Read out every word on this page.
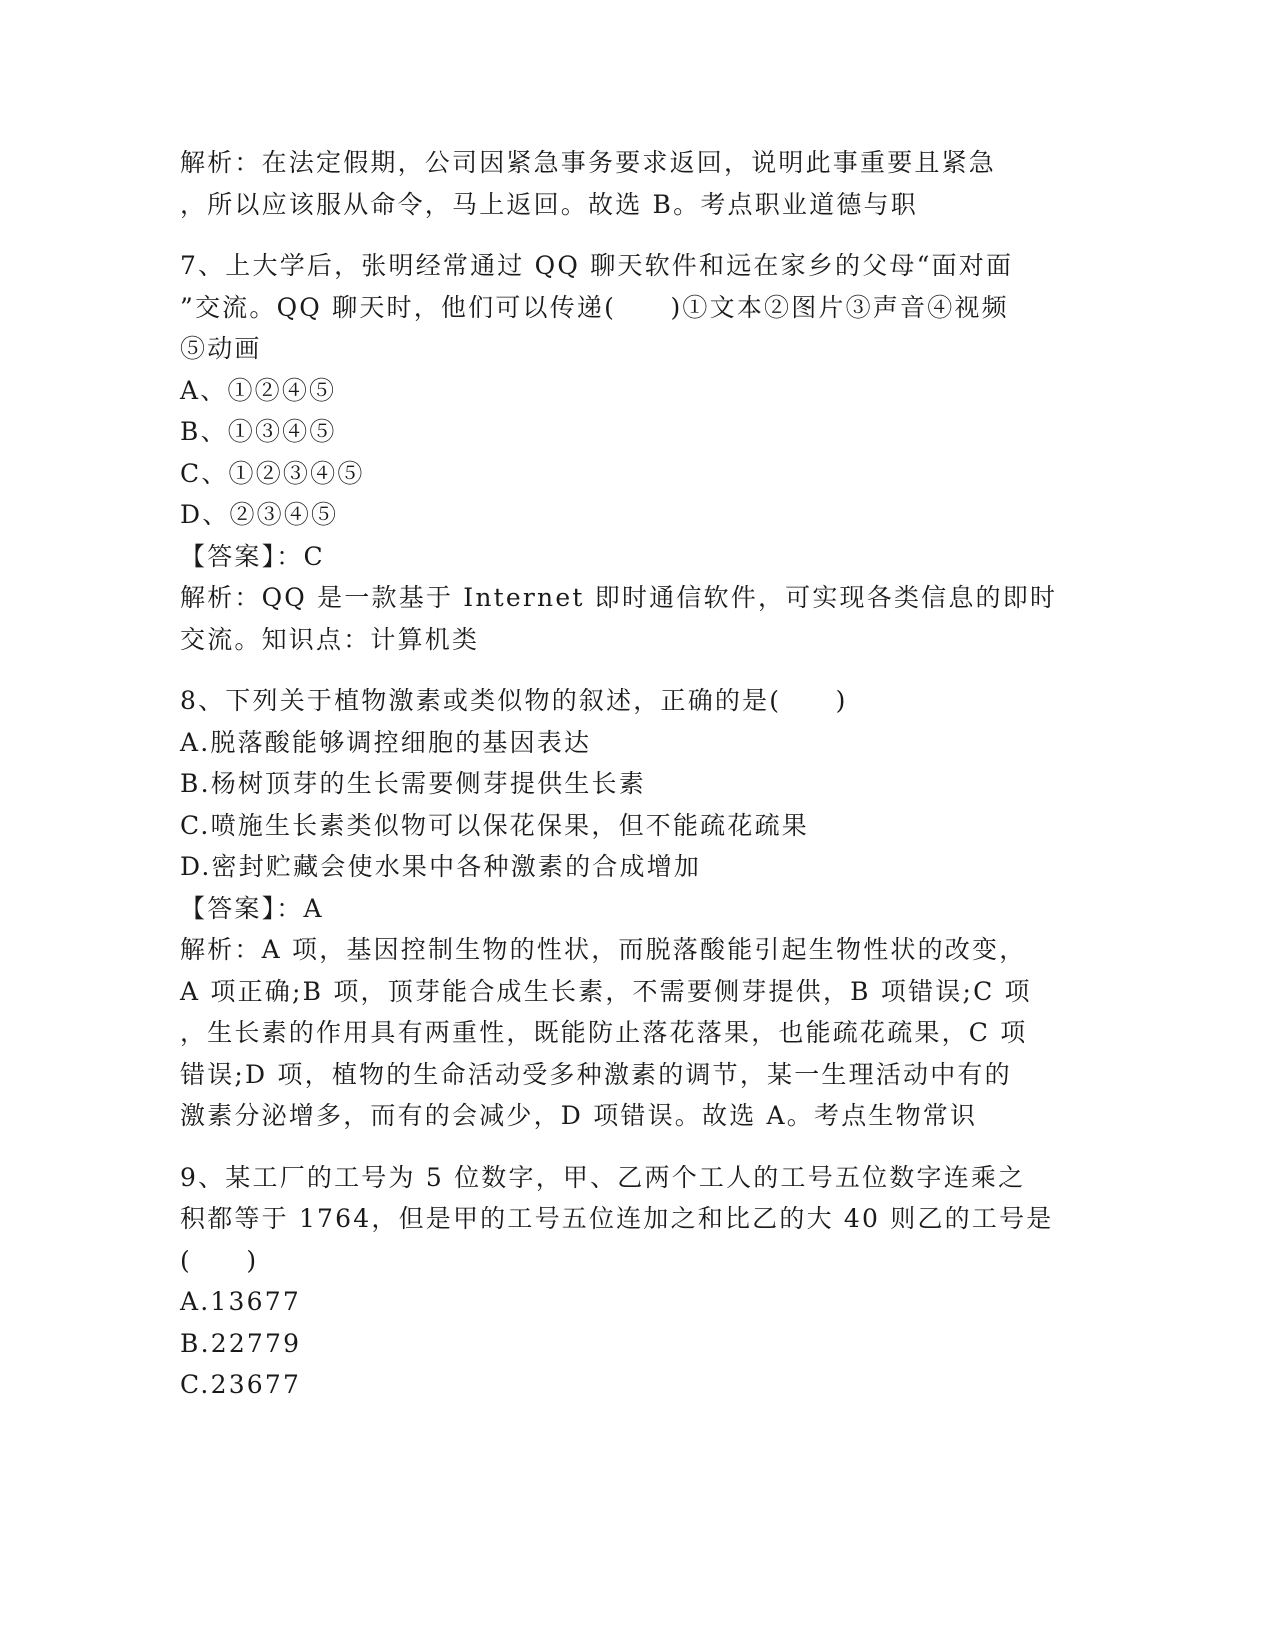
解析：在法定假期，公司因紧急事务要求返回，说明此事重要且紧急

，所以应该服从命令，马上返回。故选 B。考点职业道德与职

7、上大学后，张明经常通过 QQ 聊天软件和远在家乡的父母“面对面

”交流。QQ 聊天时，他们可以传递(　　)①文本②图片③声音④视频

⑤动画

A、①②④⑤

B、①③④⑤

C、①②③④⑤

D、②③④⑤

【答案】：C

解析：QQ 是一款基于 Internet 即时通信软件，可实现各类信息的即时

交流。知识点：计算机类

8、下列关于植物激素或类似物的叙述，正确的是(　　)

A.脱落酸能够调控细胞的基因表达

B.杨树顶芽的生长需要侧芽提供生长素

C.喷施生长素类似物可以保花保果，但不能疏花疏果

D.密封贮藏会使水果中各种激素的合成增加

【答案】：A

解析：A 项，基因控制生物的性状，而脱落酸能引起生物性状的改变，

A 项正确;B 项，顶芽能合成生长素，不需要侧芽提供，B 项错误;C 项

，生长素的作用具有两重性，既能防止落花落果，也能疏花疏果，C 项

错误;D 项，植物的生命活动受多种激素的调节，某一生理活动中有的

激素分泌增多，而有的会减少，D 项错误。故选 A。考点生物常识

9、某工厂的工号为 5 位数字，甲、乙两个工人的工号五位数字连乘之

积都等于 1764，但是甲的工号五位连加之和比乙的大 40 则乙的工号是

(　　)

A.13677

B.22779

C.23677
